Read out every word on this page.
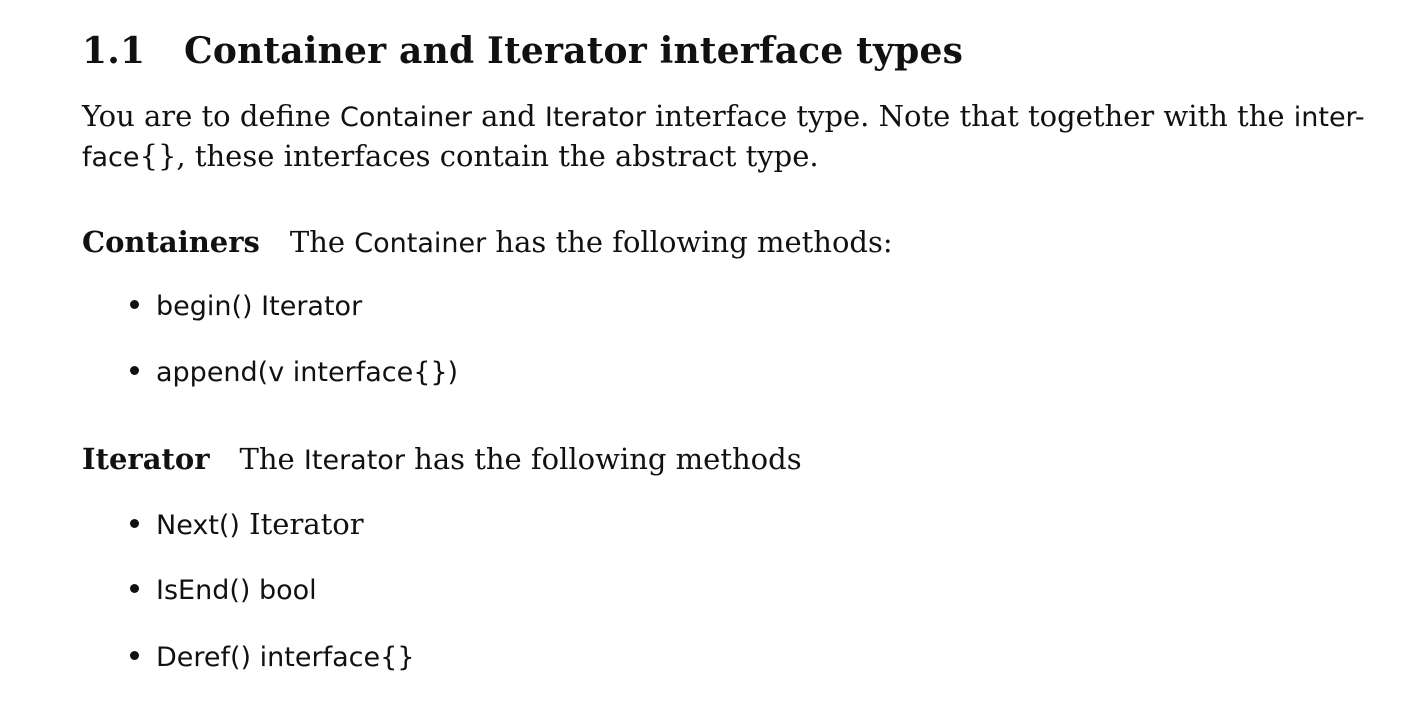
1.1 Container and Iterator interface types
You are to define Container and Iterator interface type. Note that together with the inter-
face{}, these interfaces contain the abstract type.
Containers The Container has the following methods:
begin() Iterator
append(v interface{})
Iterator The Iterator has the following methods
Next() Iterator
IsEnd() bool
Deref() interface{}
